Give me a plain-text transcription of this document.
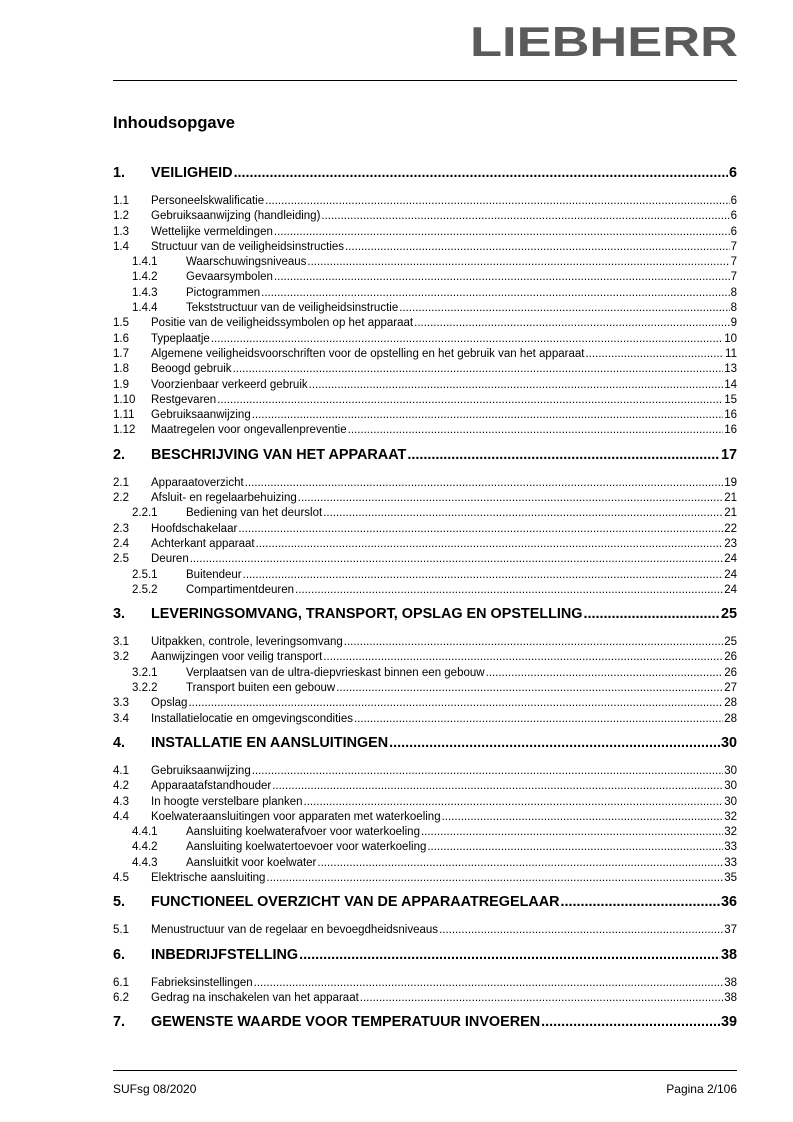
LIEBHERR
Inhoudsopgave
1.	VEILIGHEID .....	6
1.1	Personeelskwalificatie .....	6
1.2	Gebruiksaanwijzing (handleiding) .....	6
1.3	Wettelijke vermeldingen .....	6
1.4	Structuur van de veiligheidsinstructies .....	7
1.4.1	Waarschuwingsniveaus .....	7
1.4.2	Gevaarsymbolen .....	7
1.4.3	Pictogrammen .....	8
1.4.4	Tekststructuur van de veiligheidsinstructie .....	8
1.5	Positie van de veiligheidssymbolen op het apparaat .....	9
1.6	Typeplaatje .....	10
1.7	Algemene veiligheidsvoorschriften voor de opstelling en het gebruik van het apparaat .....	11
1.8	Beoogd gebruik .....	13
1.9	Voorzienbaar verkeerd gebruik .....	14
1.10	Restgevaren .....	15
1.11	Gebruiksaanwijzing .....	16
1.12	Maatregelen voor ongevallenpreventie .....	16
2.	BESCHRIJVING VAN HET APPARAAT .....	17
2.1	Apparaatoverzicht .....	19
2.2	Afsluit- en regelaarbehuizing .....	21
2.2.1	Bediening van het deurslot .....	21
2.3	Hoofdschakelaar .....	22
2.4	Achterkant apparaat .....	23
2.5	Deuren .....	24
2.5.1	Buitendeur .....	24
2.5.2	Compartimentdeuren .....	24
3.	LEVERINGSOMVANG, TRANSPORT, OPSLAG EN OPSTELLING .....	25
3.1	Uitpakken, controle, leveringsomvang .....	25
3.2	Aanwijzingen voor veilig transport .....	26
3.2.1	Verplaatsen van de ultra-diepvrieskast binnen een gebouw .....	26
3.2.2	Transport buiten een gebouw .....	27
3.3	Opslag .....	28
3.4	Installatielocatie en omgevingscondities .....	28
4.	INSTALLATIE EN AANSLUITINGEN .....	30
4.1	Gebruiksaanwijzing .....	30
4.2	Apparaatafstandhouder .....	30
4.3	In hoogte verstelbare planken .....	30
4.4	Koelwateraansluitingen voor apparaten met waterkoeling .....	32
4.4.1	Aansluiting koelwaterafvoer voor waterkoeling .....	32
4.4.2	Aansluiting koelwatertoevoer voor waterkoeling .....	33
4.4.3	Aansluitkit voor koelwater .....	33
4.5	Elektrische aansluiting .....	35
5.	FUNCTIONEEL OVERZICHT VAN DE APPARAATREGELAAR .....	36
5.1	Menustructuur van de regelaar en bevoegdheidsniveaus .....	37
6.	INBEDRIJFSTELLING .....	38
6.1	Fabrieksinstellingen .....	38
6.2	Gedrag na inschakelen van het apparaat .....	38
7.	GEWENSTE WAARDE VOOR TEMPERATUUR INVOEREN .....	39
SUFsg 08/2020	Pagina 2/106
